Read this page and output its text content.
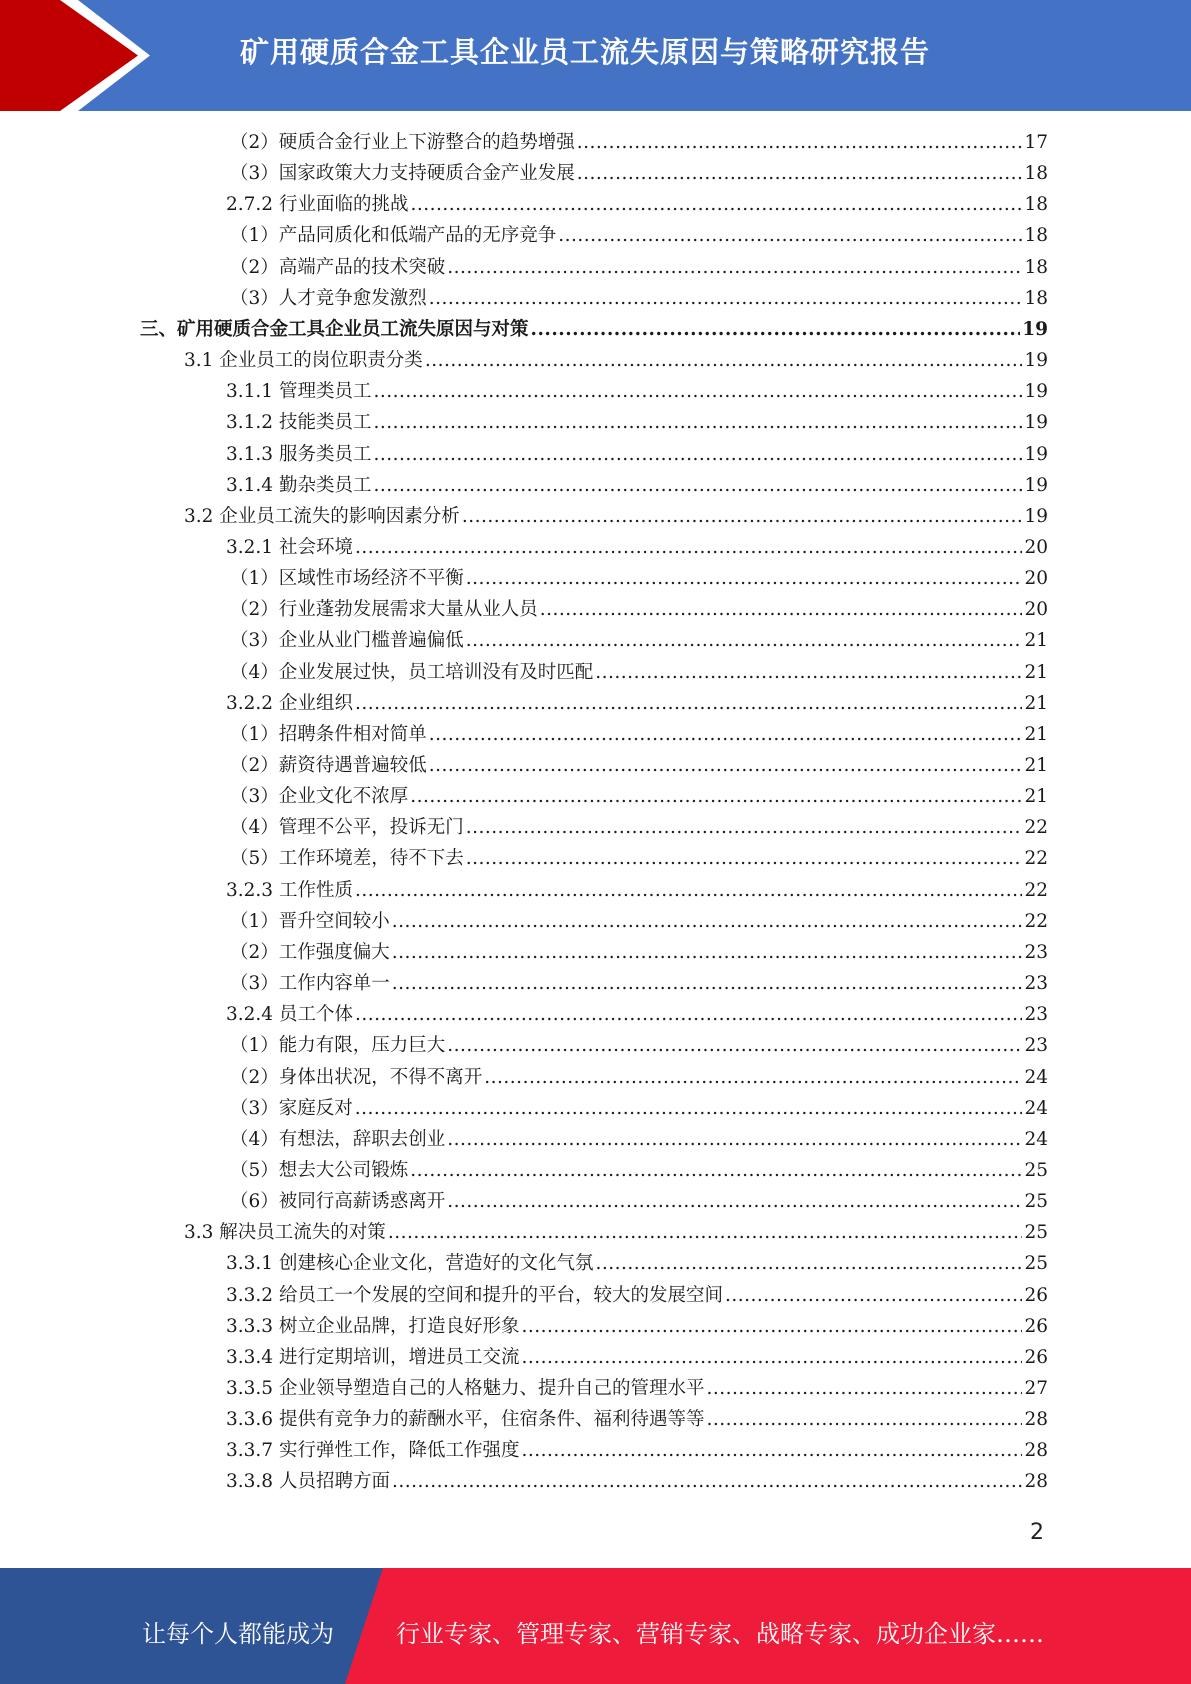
矿用硬质合金工具企业员工流失原因与策略研究报告
（2）硬质合金行业上下游整合的趋势增强 .....	17
（3）国家政策大力支持硬质合金产业发展 .....	18
2.7.2 行业面临的挑战 .....	18
（1）产品同质化和低端产品的无序竞争 .....	18
（2）高端产品的技术突破 .....	18
（3）人才竞争愈发激烈 .....	18
三、矿用硬质合金工具企业员工流失原因与对策 .....	19
3.1 企业员工的岗位职责分类 .....	19
3.1.1 管理类员工 .....	19
3.1.2 技能类员工 .....	19
3.1.3 服务类员工 .....	19
3.1.4 勤杂类员工 .....	19
3.2 企业员工流失的影响因素分析 .....	19
3.2.1 社会环境 .....	20
（1）区域性市场经济不平衡 .....	20
（2）行业蓬勃发展需求大量从业人员 .....	20
（3）企业从业门槛普遍偏低 .....	21
（4）企业发展过快，员工培训没有及时匹配 .....	21
3.2.2 企业组织 .....	21
（1）招聘条件相对简单 .....	21
（2）薪资待遇普遍较低 .....	21
（3）企业文化不浓厚 .....	21
（4）管理不公平，投诉无门 .....	22
（5）工作环境差，待不下去 .....	22
3.2.3 工作性质 .....	22
（1）晋升空间较小 .....	22
（2）工作强度偏大 .....	23
（3）工作内容单一 .....	23
3.2.4 员工个体 .....	23
（1）能力有限，压力巨大 .....	23
（2）身体出状况，不得不离开 .....	24
（3）家庭反对 .....	24
（4）有想法，辞职去创业 .....	24
（5）想去大公司锻炼 .....	25
（6）被同行高薪诱惑离开 .....	25
3.3 解决员工流失的对策 .....	25
3.3.1 创建核心企业文化，营造好的文化气氛 .....	25
3.3.2 给员工一个发展的空间和提升的平台，较大的发展空间 .....	26
3.3.3 树立企业品牌，打造良好形象 .....	26
3.3.4 进行定期培训，增进员工交流 .....	26
3.3.5 企业领导塑造自己的人格魅力、提升自己的管理水平 .....	27
3.3.6 提供有竞争力的薪酬水平，住宿条件、福利待遇等等 .....	28
3.3.7 实行弹性工作，降低工作强度 .....	28
3.3.8 人员招聘方面 .....	28
2
让每个人都能成为	行业专家、管理专家、营销专家、战略专家、成功企业家……
